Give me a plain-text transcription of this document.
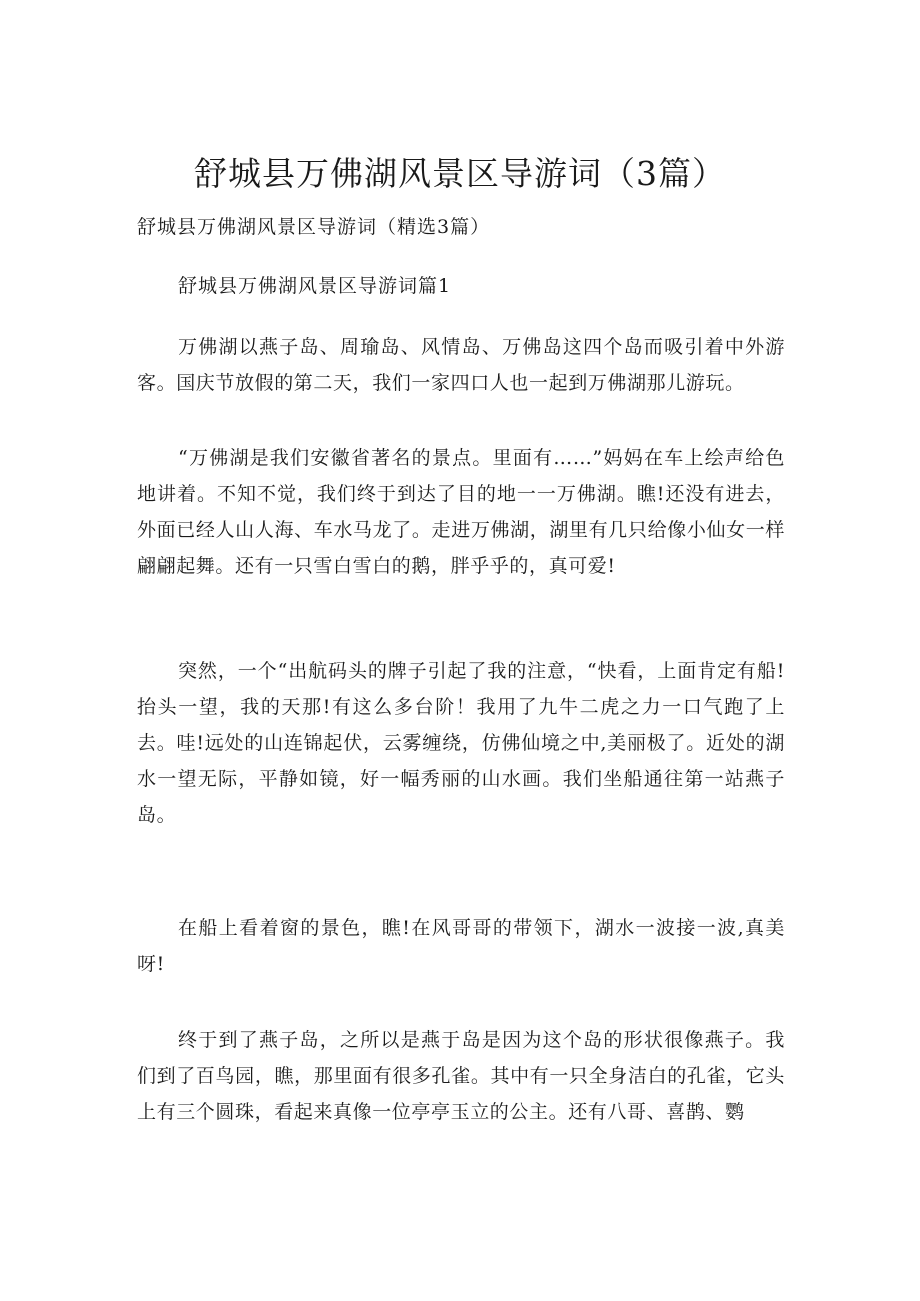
舒城县万佛湖风景区导游词（3篇）

舒城县万佛湖风景区导游词（精选3篇）

舒城县万佛湖风景区导游词篇1

万佛湖以燕子岛、周瑜岛、风情岛、万佛岛这四个岛而吸引着中外游客。国庆节放假的第二天，我们一家四口人也一起到万佛湖那儿游玩。

“万佛湖是我们安徽省著名的景点。里面有……”妈妈在车上绘声给色地讲着。不知不觉，我们终于到达了目的地一一万佛湖。瞧!还没有进去，外面已经人山人海、车水马龙了。走进万佛湖，湖里有几只给像小仙女一样翩翩起舞。还有一只雪白雪白的鹅，胖乎乎的，真可爱!

突然，一个“出航码头的牌子引起了我的注意，“快看，上面肯定有船!抬头一望，我的天那!有这么多台阶！我用了九牛二虎之力一口气跑了上去。哇!远处的山连锦起伏，云雾缠绕，仿佛仙境之中,美丽极了。近处的湖水一望无际，平静如镜，好一幅秀丽的山水画。我们坐船通往第一站燕子岛。

在船上看着窗的景色，瞧!在风哥哥的带领下，湖水一波接一波,真美呀!

终于到了燕子岛，之所以是燕于岛是因为这个岛的形状很像燕子。我们到了百鸟园，瞧，那里面有很多孔雀。其中有一只全身洁白的孔雀，它头上有三个圆珠，看起来真像一位亭亭玉立的公主。还有八哥、喜鹊、鹦
